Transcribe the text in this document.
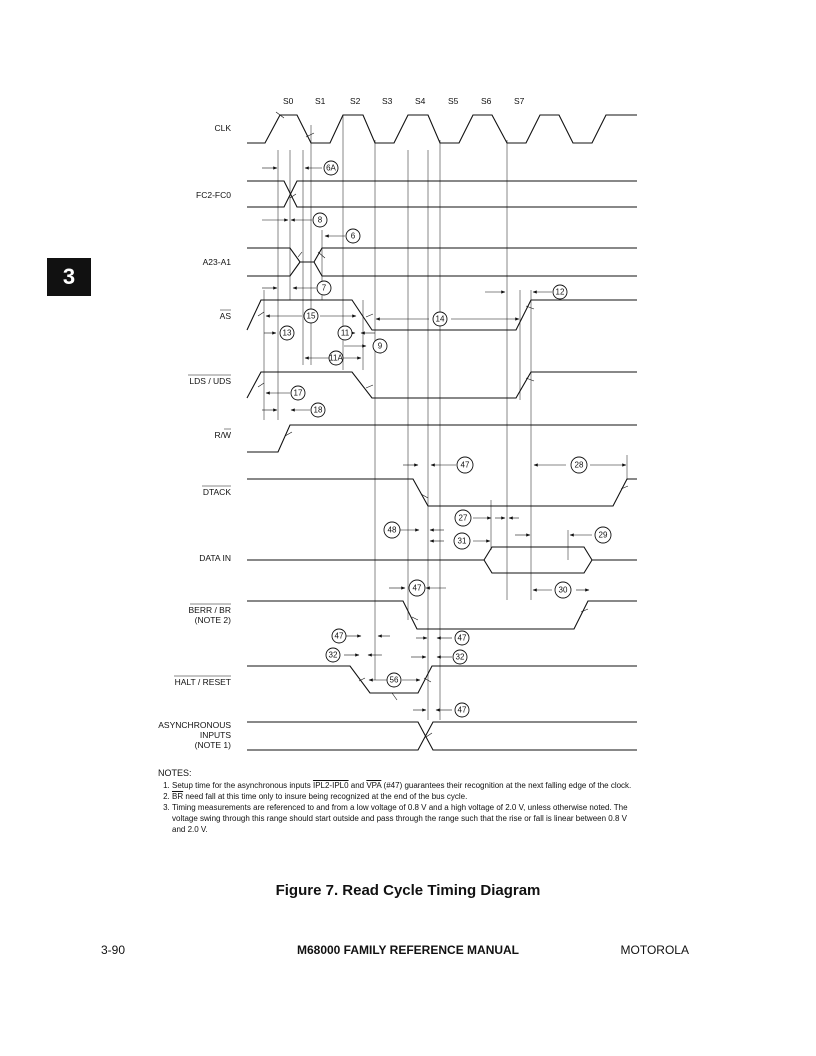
3
S0	S1	S2	S3	S4	S5	S6	S7
CLK
FC2-FC0
A23-A1
AS
LDS / UDS
R/W
DTACK
DATA IN
BERR / BR
(NOTE 2)
HALT / RESET
ASYNCHRONOUS
INPUTS
(NOTE 1)
6A
8
6
7	12
15	14
13	11
9
11A
17
18
47	28
27
48
31
29
47	30
47	47
32	32
56
47
NOTES:
1. Setup time for the asynchronous inputs IPL2-IPL0 and $\overline{VPA}$ (#47) guarantees their recognition at the next falling edge of the clock.
2. $\overline{BR}$ need fall at this time only to insure being recognized at the end of the bus cycle.
3. Timing measurements are referenced to and from a low voltage of 0.8 V and a high voltage of 2.0 V, unless otherwise noted. The voltage swing through this range should start outside and pass through the range such that the rise or fall is linear between 0.8 V and 2.0 V.
Figure 7. Read Cycle Timing Diagram
3-90	M68000 FAMILY REFERENCE MANUAL	MOTOROLA
